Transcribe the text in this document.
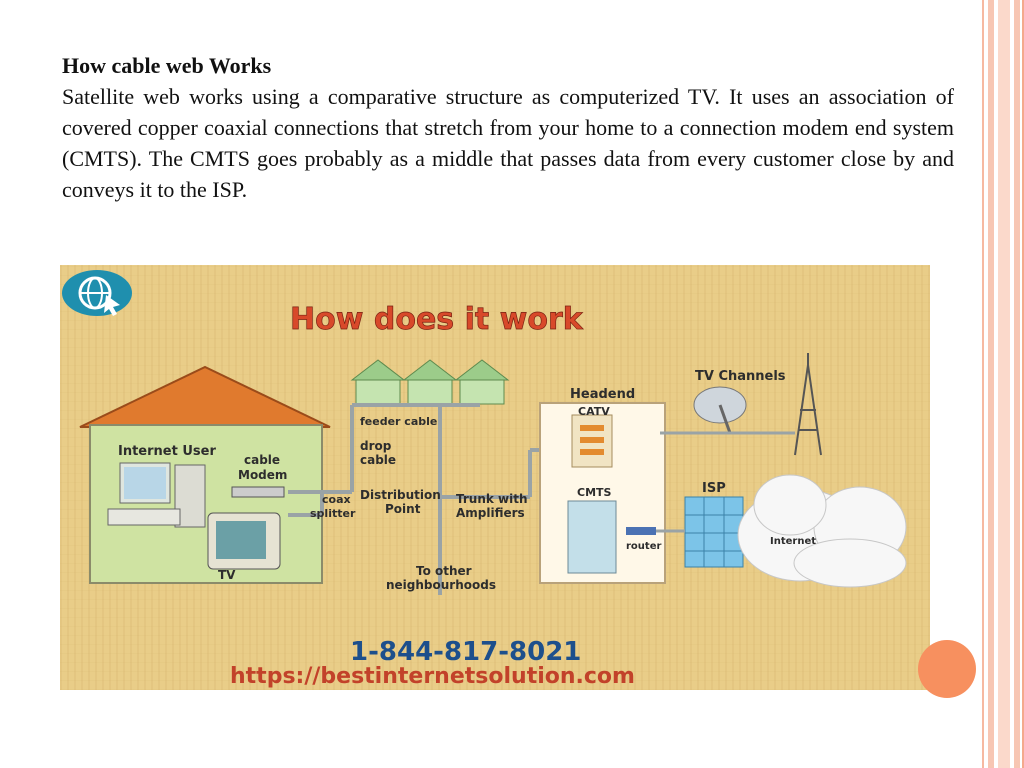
How cable web Works

Satellite web works using a comparative structure as computerized TV. It uses an association of covered copper coaxial connections that stretch from your home to a connection modem end system (CMTS). The CMTS goes probably as a middle that passes data from every customer close by and conveys it to the ISP.

How does it work
Internet User
cable
Modem
coax
splitter
TV
feeder cable
drop
cable
Distribution
Point
Trunk with
Amplifiers
To other
neighbourhoods
Headend
CATV
CMTS
router
TV Channels
ISP
Internet
1-844-817-8021
https://bestinternetsolution.com
